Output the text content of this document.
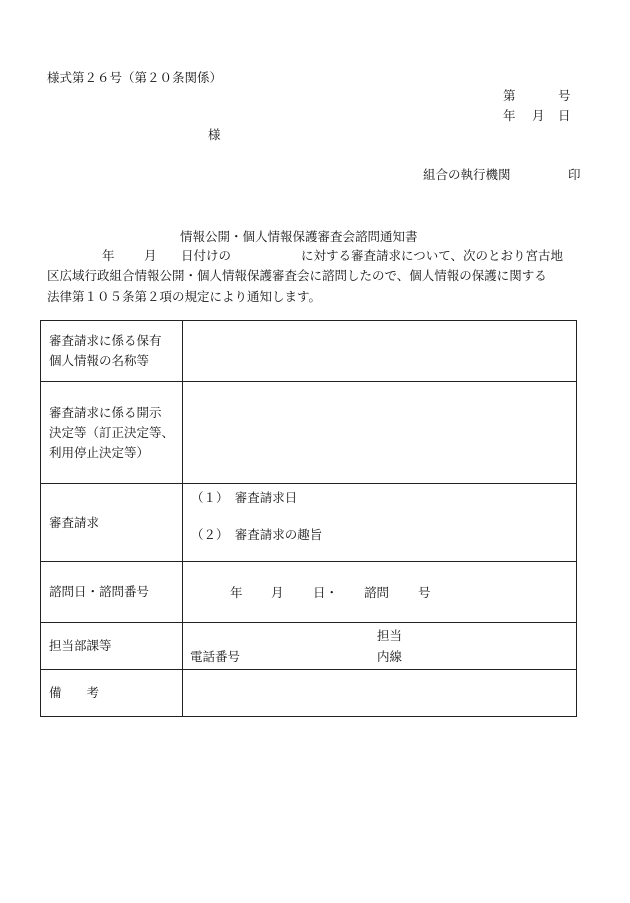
様式第２６号（第２０条関係）
第	号
年 月 日
様
組合の執行機関	印
情報公開・個人情報保護審査会諮問通知書
年 月 日付けの	に対する審査請求について、次のとおり宮古地
区広域行政組合情報公開・個人情報保護審査会に諮問したので、個人情報の保護に関する
法律第１０５条第２項の規定により通知します。
審査請求に係る保有
個人情報の名称等	

審査請求に係る開示
決定等（訂正決定等、
利用停止決定等）	

審査請求	（１）　審査請求日
（２）　審査請求の趣旨

諮問日・諮問番号	年 月 日・ 諮問 号

担当部課等	担当
電話番号 内線

備　　考	
